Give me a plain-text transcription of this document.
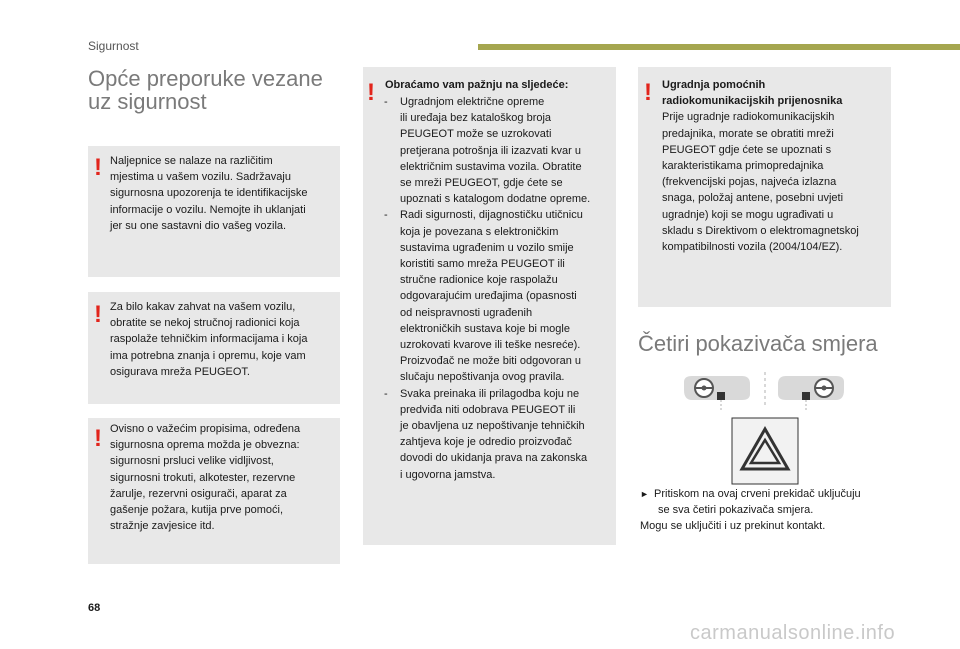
Sigurnost
Opće preporuke vezane
uz sigurnost
! Naljepnice se nalaze na različitim
mjestima u vašem vozilu. Sadržavaju
sigurnosna upozorenja te identifikacijske
informacije o vozilu. Nemojte ih uklanjati
jer su one sastavni dio vašeg vozila.
! Za bilo kakav zahvat na vašem vozilu,
obratite se nekoj stručnoj radionici koja
raspolaže tehničkim informacijama i koja
ima potrebna znanja i opremu, koje vam
osigurava mreža PEUGEOT.
! Ovisno o važećim propisima, određena
sigurnosna oprema možda je obvezna:
sigurnosni prsluci velike vidljivost,
sigurnosni trokuti, alkotester, rezervne
žarulje, rezervni osigurači, aparat za
gašenje požara, kutija prve pomoći,
stražnje zavjesice itd.
! Obraćamo vam pažnju na sljedeće:
- Ugradnjom električne opreme
ili uređaja bez kataloškog broja
PEUGEOT može se uzrokovati
pretjerana potrošnja ili izazvati kvar u
električnim sustavima vozila. Obratite
se mreži PEUGEOT, gdje ćete se
upoznati s katalogom dodatne opreme.
- Radi sigurnosti, dijagnostičku utičnicu
koja je povezana s elektroničkim
sustavima ugrađenim u vozilo smije
koristiti samo mreža PEUGEOT ili
stručne radionice koje raspolažu
odgovarajućim uređajima (opasnosti
od neispravnosti ugrađenih
elektroničkih sustava koje bi mogle
uzrokovati kvarove ili teške nesreće).
Proizvođač ne može biti odgovoran u
slučaju nepoštivanja ovog pravila.
- Svaka preinaka ili prilagodba koju ne
predviđa niti odobrava PEUGEOT ili
je obavljena uz nepoštivanje tehničkih
zahtjeva koje je odredio proizvođač
dovodi do ukidanja prava na zakonska
i ugovorna jamstva.
! Ugradnja pomoćnih
radiokomunikacijskih prijenosnika
Prije ugradnje radiokomunikacijskih
predajnika, morate se obratiti mreži
PEUGEOT gdje ćete se upoznati s
karakteristikama primopredajnika
(frekvencijski pojas, najveća izlazna
snaga, položaj antene, posebni uvjeti
ugradnje) koji se mogu ugrađivati u
skladu s Direktivom o elektromagnetskoj
kompatibilnosti vozila (2004/104/EZ).
Četiri pokazivača smjera
► Pritiskom na ovaj crveni prekidač uključuju
se sva četiri pokazivača smjera.
Mogu se uključiti i uz prekinut kontakt.
68
carmanualsonline.info
